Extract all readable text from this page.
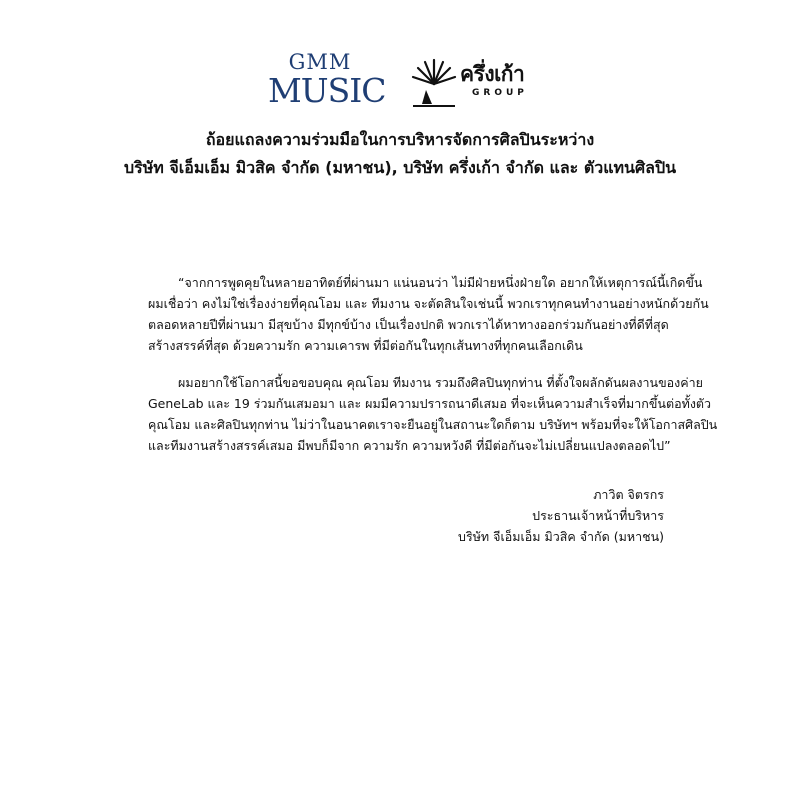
GMM
MUSIC	ครึ่งเก้า
GROUP
ถ้อยแถลงความร่วมมือในการบริหารจัดการศิลปินระหว่าง
บริษัท จีเอ็มเอ็ม มิวสิค จำกัด (มหาชน), บริษัท ครึ่งเก้า จำกัด และ ตัวแทนศิลปิน
“จากการพูดคุยในหลายอาทิตย์ที่ผ่านมา แน่นอนว่า ไม่มีฝ่ายหนึ่งฝ่ายใด อยากให้เหตุการณ์นี้เกิดขึ้น
ผมเชื่อว่า คงไม่ใช่เรื่องง่ายที่คุณโอม และ ทีมงาน จะตัดสินใจเช่นนี้ พวกเราทุกคนทำงานอย่างหนักด้วยกัน
ตลอดหลายปีที่ผ่านมา มีสุขบ้าง มีทุกข์บ้าง เป็นเรื่องปกติ พวกเราได้หาทางออกร่วมกันอย่างที่ดีที่สุด
สร้างสรรค์ที่สุด ด้วยความรัก ความเคารพ ที่มีต่อกันในทุกเส้นทางที่ทุกคนเลือกเดิน
ผมอยากใช้โอกาสนี้ขอขอบคุณ คุณโอม ทีมงาน รวมถึงศิลปินทุกท่าน ที่ตั้งใจผลักดันผลงานของค่าย
GeneLab และ 19 ร่วมกันเสมอมา และ ผมมีความปรารถนาดีเสมอ ที่จะเห็นความสำเร็จที่มากขึ้นต่อทั้งตัว
คุณโอม และศิลปินทุกท่าน ไม่ว่าในอนาคตเราจะยืนอยู่ในสถานะใดก็ตาม บริษัทฯ พร้อมที่จะให้โอกาสศิลปิน
และทีมงานสร้างสรรค์เสมอ มีพบก็มีจาก ความรัก ความหวังดี ที่มีต่อกันจะไม่เปลี่ยนแปลงตลอดไป”
ภาวิต จิตรกร
ประธานเจ้าหน้าที่บริหาร
บริษัท จีเอ็มเอ็ม มิวสิค จำกัด (มหาชน)
